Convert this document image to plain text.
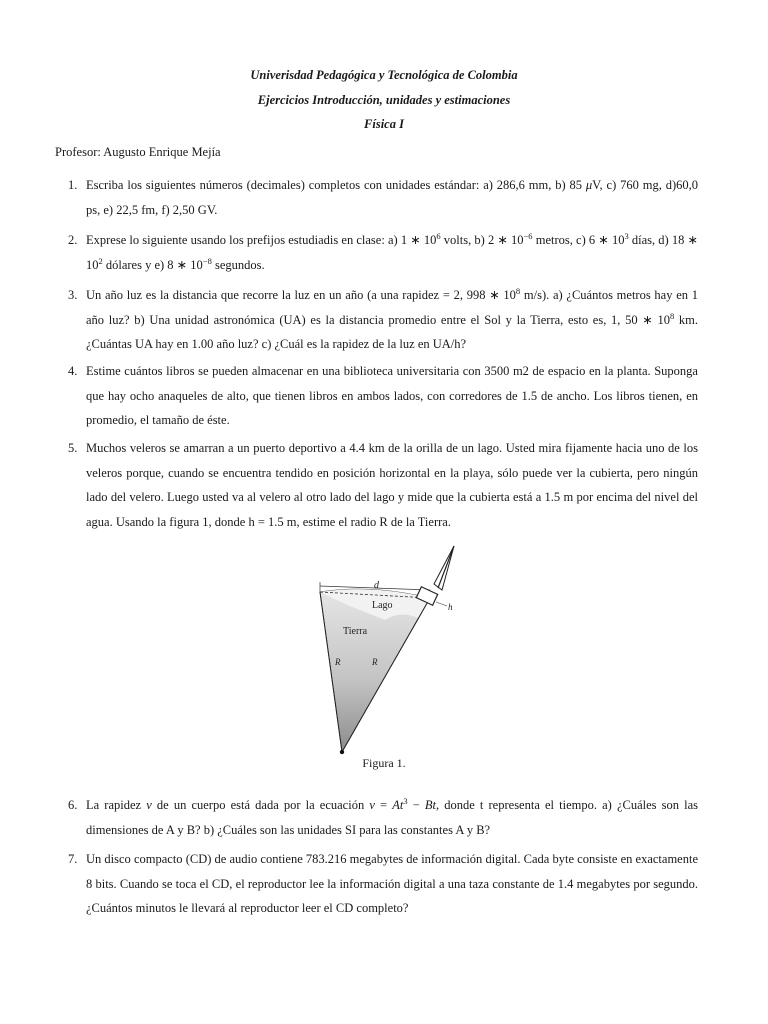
Univerisdad Pedagógica y Tecnológica de Colombia
Ejercicios Introducción, unidades y estimaciones
Física I
Profesor: Augusto Enrique Mejía
1. Escriba los siguientes números (decimales) completos con unidades estándar: a) 286,6 mm, b) 85 μV, c) 760 mg, d)60,0 ps, e) 22,5 fm, f) 2,50 GV.
2. Exprese lo siguiente usando los prefijos estudiadis en clase: a) 1 ∗ $10^6$ volts, b) 2 ∗ $10^{-6}$ metros, c) 6 ∗ $10^3$ días, d) 18 ∗ $10^2$ dólares y e) 8 ∗ $10^{-8}$ segundos.
3. Un año luz es la distancia que recorre la luz en un año (a una rapidez = 2, 998 ∗ $10^8$ m/s). a) ¿Cuántos metros hay en 1 año luz? b) Una unidad astronómica (UA) es la distancia promedio entre el Sol y la Tierra, esto es, 1, 50 ∗ $10^8$ km. ¿Cuántas UA hay en 1.00 año luz? c) ¿Cuál es la rapidez de la luz en UA/h?
4. Estime cuántos libros se pueden almacenar en una biblioteca universitaria con 3500 m2 de espacio en la planta. Suponga que hay ocho anaqueles de alto, que tienen libros en ambos lados, con corredores de 1.5 de ancho. Los libros tienen, en promedio, el tamaño de éste.
5. Muchos veleros se amarran a un puerto deportivo a 4.4 km de la orilla de un lago. Usted mira fijamente hacia uno de los veleros porque, cuando se encuentra tendido en posición horizontal en la playa, sólo puede ver la cubierta, pero ningún lado del velero. Luego usted va al velero al otro lado del lago y mide que la cubierta está a 1.5 m por encima del nivel del agua. Usando la figura 1, donde h = 1.5 m, estime el radio R de la Tierra.
d
Lago	h
Tierra
R	R
Figura 1.
6. La rapidez v de un cuerpo está dada por la ecuación $v = At^3 - Bt$, donde t representa el tiempo. a) ¿Cuáles son las dimensiones de A y B? b) ¿Cuáles son las unidades SI para las constantes A y B?
7. Un disco compacto (CD) de audio contiene 783.216 megabytes de información digital. Cada byte consiste en exactamente 8 bits. Cuando se toca el CD, el reproductor lee la información digital a una taza constante de 1.4 megabytes por segundo. ¿Cuántos minutos le llevará al reproductor leer el CD completo?
